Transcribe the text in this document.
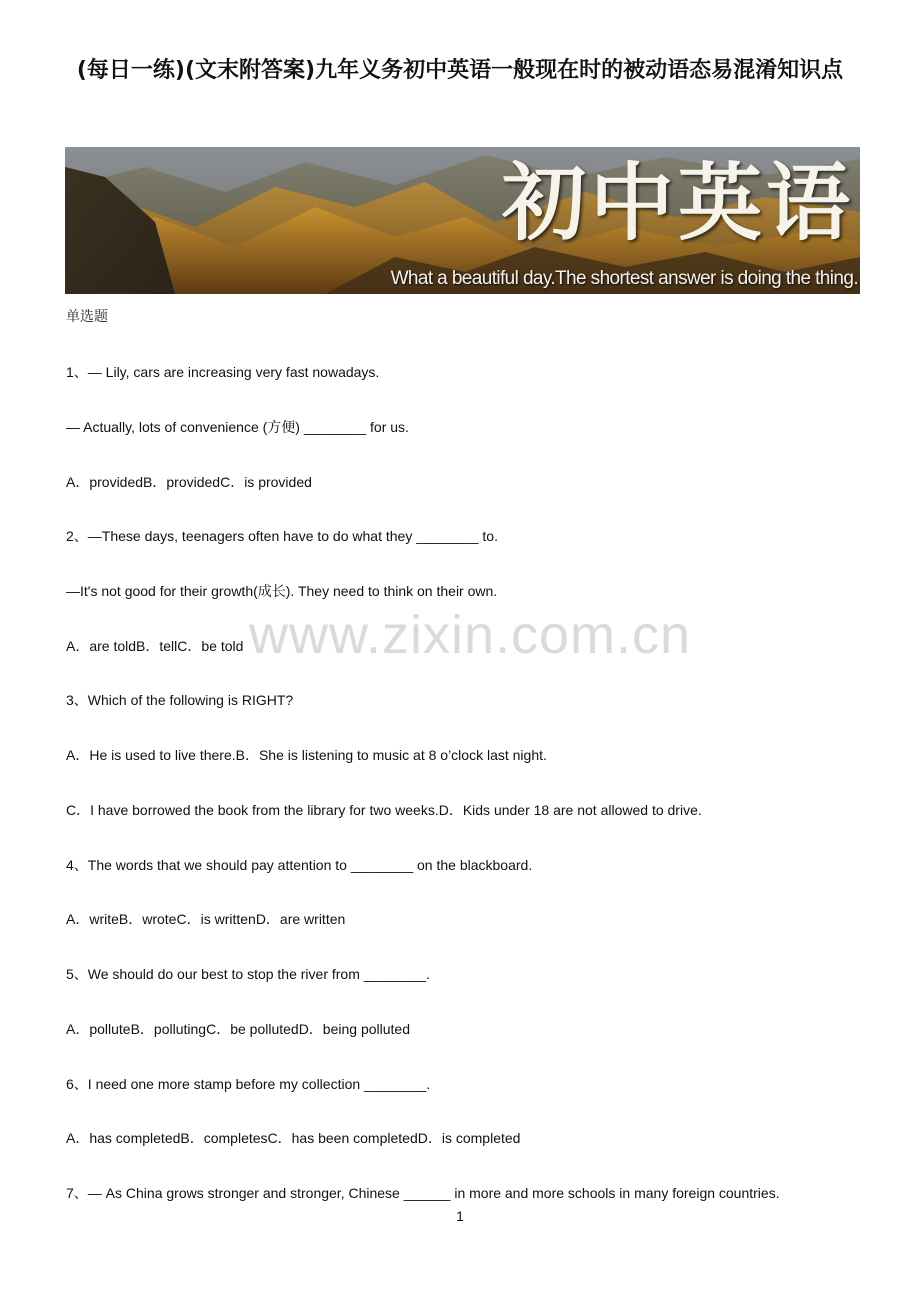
(每日一练)(文末附答案)九年义务初中英语一般现在时的被动语态易混淆知识点
初中英语
What a beautiful day.The shortest answer is doing the thing.
单选题
www.zixin.com.cn
1、— Lily, cars are increasing very fast nowadays.
— Actually, lots of convenience (方便) ________ for us.
A．providedB．providedC．is provided
2、—These days, teenagers often have to do what they ________ to.
—It's not good for their growth(成长). They need to think on their own.
A．are toldB．tellC．be told
3、Which of the following is RIGHT?
A．He is used to live there.B．She is listening to music at 8 o’clock last night.
C．I have borrowed the book from the library for two weeks.D．Kids under 18 are not allowed to drive.
4、The words that we should pay attention to ________ on the blackboard.
A．writeB．wroteC．is writtenD．are written
5、We should do our best to stop the river from ________.
A．polluteB．pollutingC．be pollutedD．being polluted
6、I need one more stamp before my collection ________.
A．has completedB．completesC．has been completedD．is completed
7、— As China grows stronger and stronger, Chinese ______ in more and more schools in many foreign countries.
1
